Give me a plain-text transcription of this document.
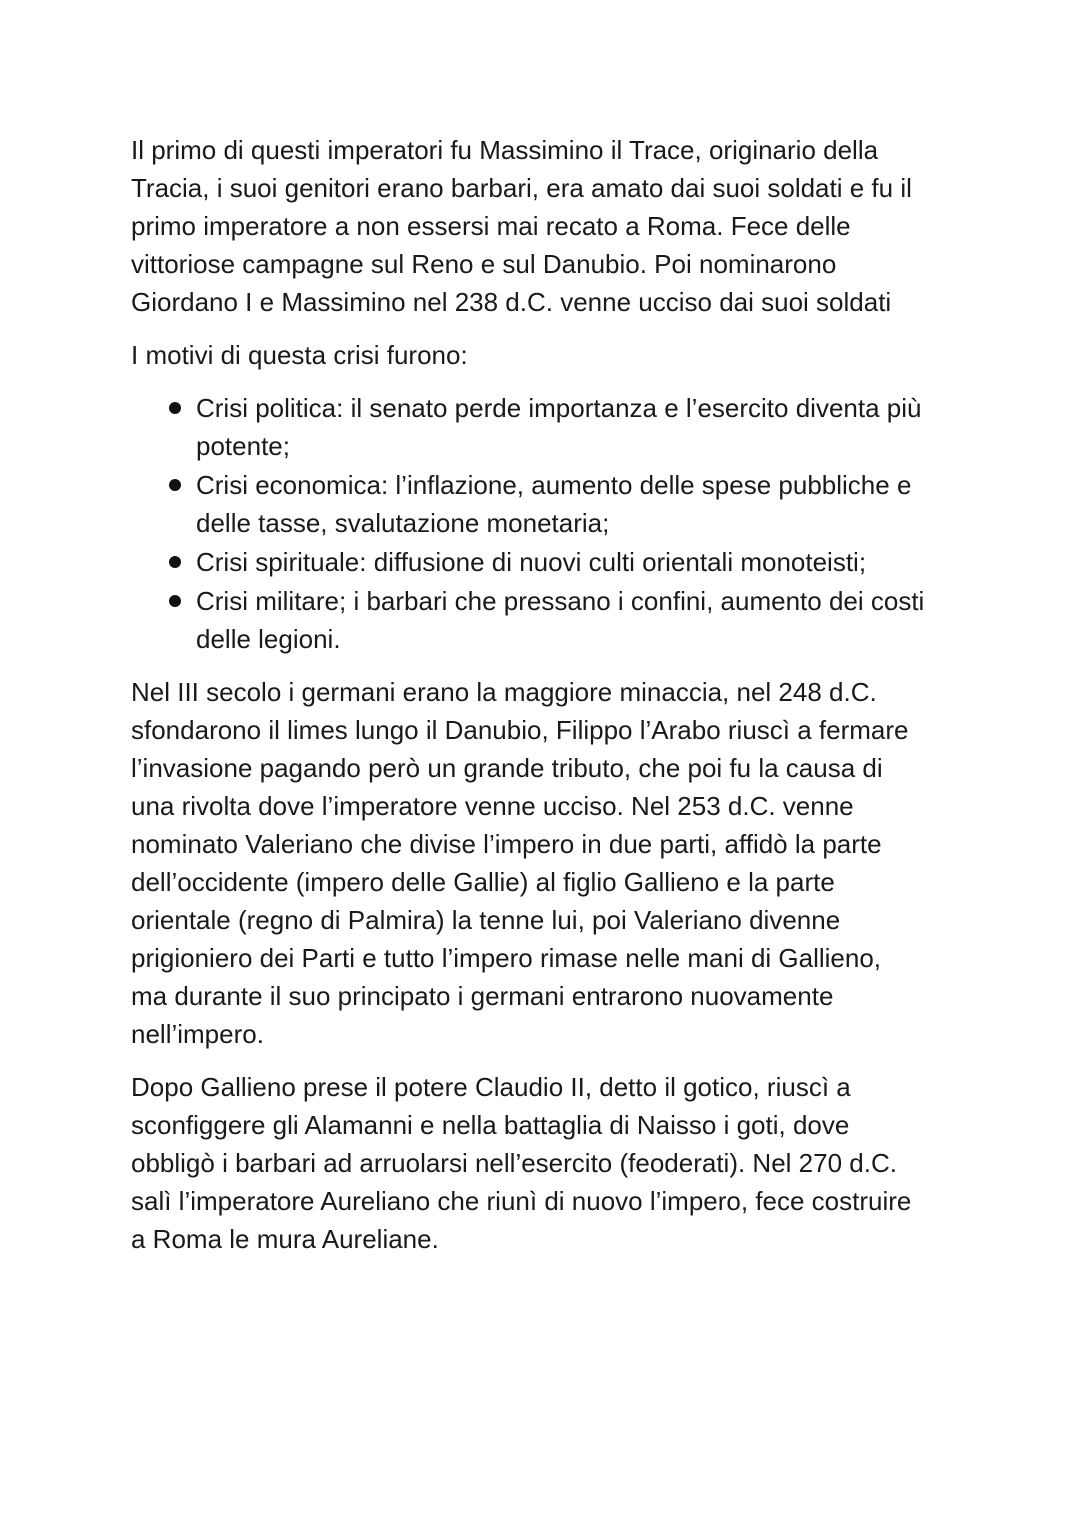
Il primo di questi imperatori fu Massimino il Trace, originario della
Tracia, i suoi genitori erano barbari, era amato dai suoi soldati e fu il
primo imperatore a non essersi mai recato a Roma. Fece delle
vittoriose campagne sul Reno e sul Danubio. Poi nominarono
Giordano I e Massimino nel 238 d.C. venne ucciso dai suoi soldati

I motivi di questa crisi furono:

Crisi politica: il senato perde importanza e l’esercito diventa più
potente;
Crisi economica: l’inflazione, aumento delle spese pubbliche e
delle tasse, svalutazione monetaria;
Crisi spirituale: diffusione di nuovi culti orientali monoteisti;
Crisi militare; i barbari che pressano i confini, aumento dei costi
delle legioni.

Nel III secolo i germani erano la maggiore minaccia, nel 248 d.C.
sfondarono il limes lungo il Danubio, Filippo l’Arabo riuscì a fermare
l’invasione pagando però un grande tributo, che poi fu la causa di
una rivolta dove l’imperatore venne ucciso. Nel 253 d.C. venne
nominato Valeriano che divise l’impero in due parti, affidò la parte
dell’occidente (impero delle Gallie) al figlio Gallieno e la parte
orientale (regno di Palmira) la tenne lui, poi Valeriano divenne
prigioniero dei Parti e tutto l’impero rimase nelle mani di Gallieno,
ma durante il suo principato i germani entrarono nuovamente
nell’impero.

Dopo Gallieno prese il potere Claudio II, detto il gotico, riuscì a
sconfiggere gli Alamanni e nella battaglia di Naisso i goti, dove
obbligò i barbari ad arruolarsi nell’esercito (feoderati). Nel 270 d.C.
salì l’imperatore Aureliano che riunì di nuovo l’impero, fece costruire
a Roma le mura Aureliane.
